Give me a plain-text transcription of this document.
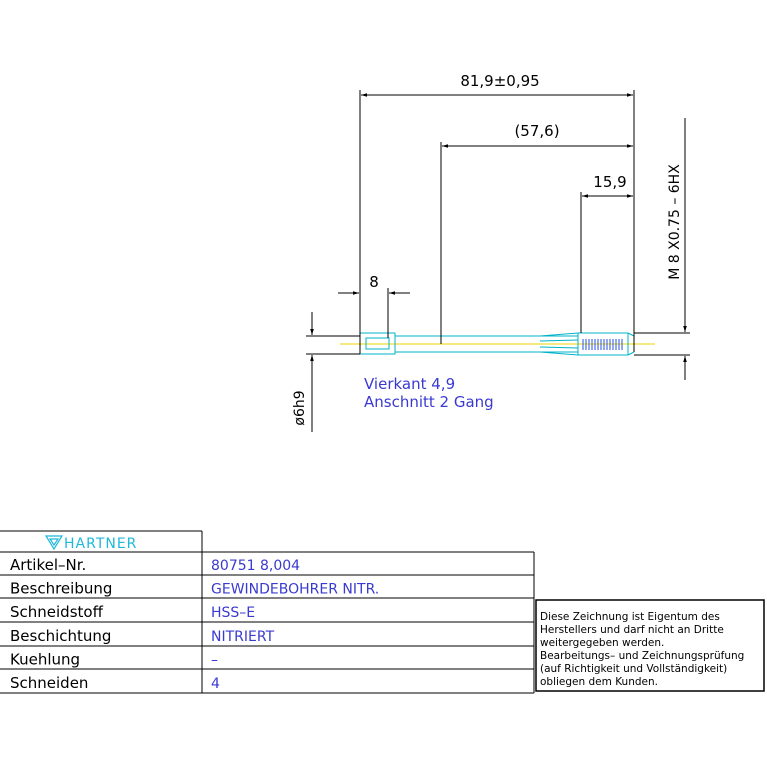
81,9±0,95
(57,6)
15,9
8
ø6h9
M 8 X0.75 – 6HX
Vierkant 4,9
Anschnitt 2 Gang
HARTNER
Artikel–Nr.	80751 8,004
Beschreibung	GEWINDEBOHRER NITR.
Schneidstoff	HSS–E
Beschichtung	NITRIERT
Kuehlung	–
Schneiden	4
Diese Zeichnung ist Eigentum des
Herstellers und darf nicht an Dritte
weitergegeben werden.
Bearbeitungs– und Zeichnungsprüfung
(auf Richtigkeit und Vollständigkeit)
obliegen dem Kunden.
